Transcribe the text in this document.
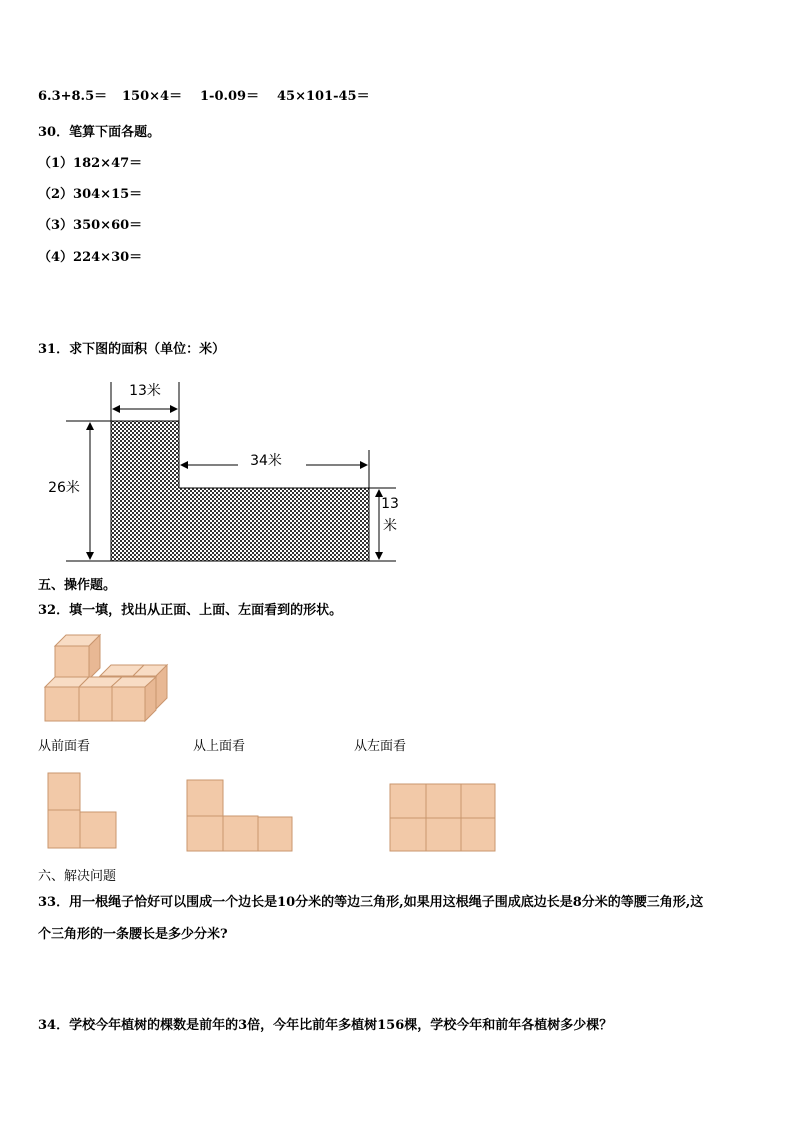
6.3+8.5＝ 150×4＝ 1-0.09＝ 45×101-45＝
30．笔算下面各题。
（1）182×47＝
（2）304×15＝
（3）350×60＝
（4）224×30＝
31．求下图的面积（单位：米）
13米
34米
26米
13
米
五、操作题。
32．填一填，找出从正面、上面、左面看到的形状。
从前面看	从上面看	从左面看
六、解决问题
33．用一根绳子恰好可以围成一个边长是10分米的等边三角形,如果用这根绳子围成底边长是8分米的等腰三角形,这
个三角形的一条腰长是多少分米?
34．学校今年植树的棵数是前年的3倍，今年比前年多植树156棵，学校今年和前年各植树多少棵？
